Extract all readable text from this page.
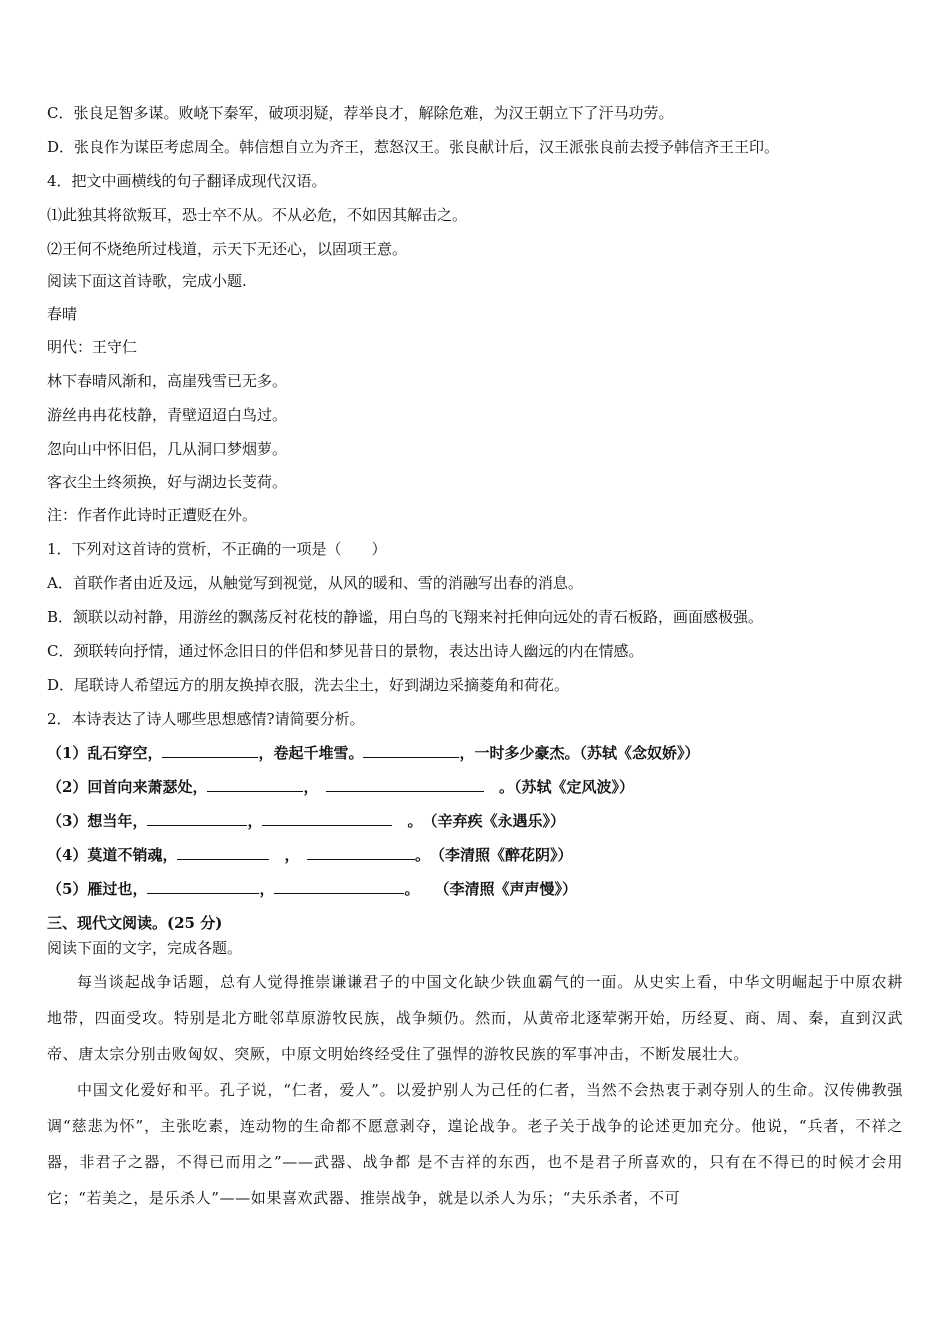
C．张良足智多谋。败峣下秦军，破项羽疑，荐举良才，解除危难，为汉王朝立下了汗马功劳。

D．张良作为谋臣考虑周全。韩信想自立为齐王，惹怒汉王。张良献计后，汉王派张良前去授予韩信齐王王印。

4．把文中画横线的句子翻译成现代汉语。

⑴此独其将欲叛耳，恐士卒不从。不从必危，不如因其解击之。

⑵王何不烧绝所过栈道，示天下无还心，以固项王意。

阅读下面这首诗歌，完成小题.

春晴

明代：王守仁

林下春晴风渐和，高崖残雪已无多。

游丝冉冉花枝静，青壁迢迢白鸟过。

忽向山中怀旧侣，几从洞口梦烟萝。

客衣尘土终须换，好与湖边长芰荷。

注：作者作此诗时正遭贬在外。

1．下列对这首诗的赏析，不正确的一项是（　　）

A．首联作者由近及远，从触觉写到视觉，从风的暖和、雪的消融写出春的消息。

B．颔联以动衬静，用游丝的飘荡反衬花枝的静谧，用白鸟的飞翔来衬托伸向远处的青石板路，画面感极强。

C．颈联转向抒情，通过怀念旧日的伴侣和梦见昔日的景物，表达出诗人幽远的内在情感。

D．尾联诗人希望远方的朋友换掉衣服，洗去尘土，好到湖边采摘菱角和荷花。

2．本诗表达了诗人哪些思想感情?请简要分析。

（1）乱石穿空，	，卷起千堆雪。	，一时多少豪杰。（苏轼《念奴娇》）

（2）回首向来萧瑟处，	，　　	。（苏轼《定风波》）

（3）想当年，	，　	。　（辛弃疾《永遇乐》）

（4）莫道不销魂，　	，　	。　（李清照《醉花阴》）

（5）雁过也，	，	。　　（李清照《声声慢》）

三、现代文阅读。(25 分)

阅读下面的文字，完成各题。

每当谈起战争话题，总有人觉得推崇谦谦君子的中国文化缺少铁血霸气的一面。从史实上看，中华文明崛起于中原农耕地带，四面受攻。特别是北方毗邻草原游牧民族，战争频仍。然而，从黄帝北逐荤粥开始，历经夏、商、周、秦，直到汉武帝、唐太宗分别击败匈奴、突厥，中原文明始终经受住了强悍的游牧民族的军事冲击，不断发展壮大。

中国文化爱好和平。孔子说，“仁者，爱人”。以爱护别人为己任的仁者，当然不会热衷于剥夺别人的生命。汉传佛教强调“慈悲为怀”，主张吃素，连动物的生命都不愿意剥夺，遑论战争。老子关于战争的论述更加充分。他说，“兵者，不祥之器，非君子之器，不得已而用之”——武器、战争都 是不吉祥的东西，也不是君子所喜欢的，只有在不得已的时候才会用它；“若美之，是乐杀人”——如果喜欢武器、推崇战争，就是以杀人为乐；“夫乐杀者，不可
